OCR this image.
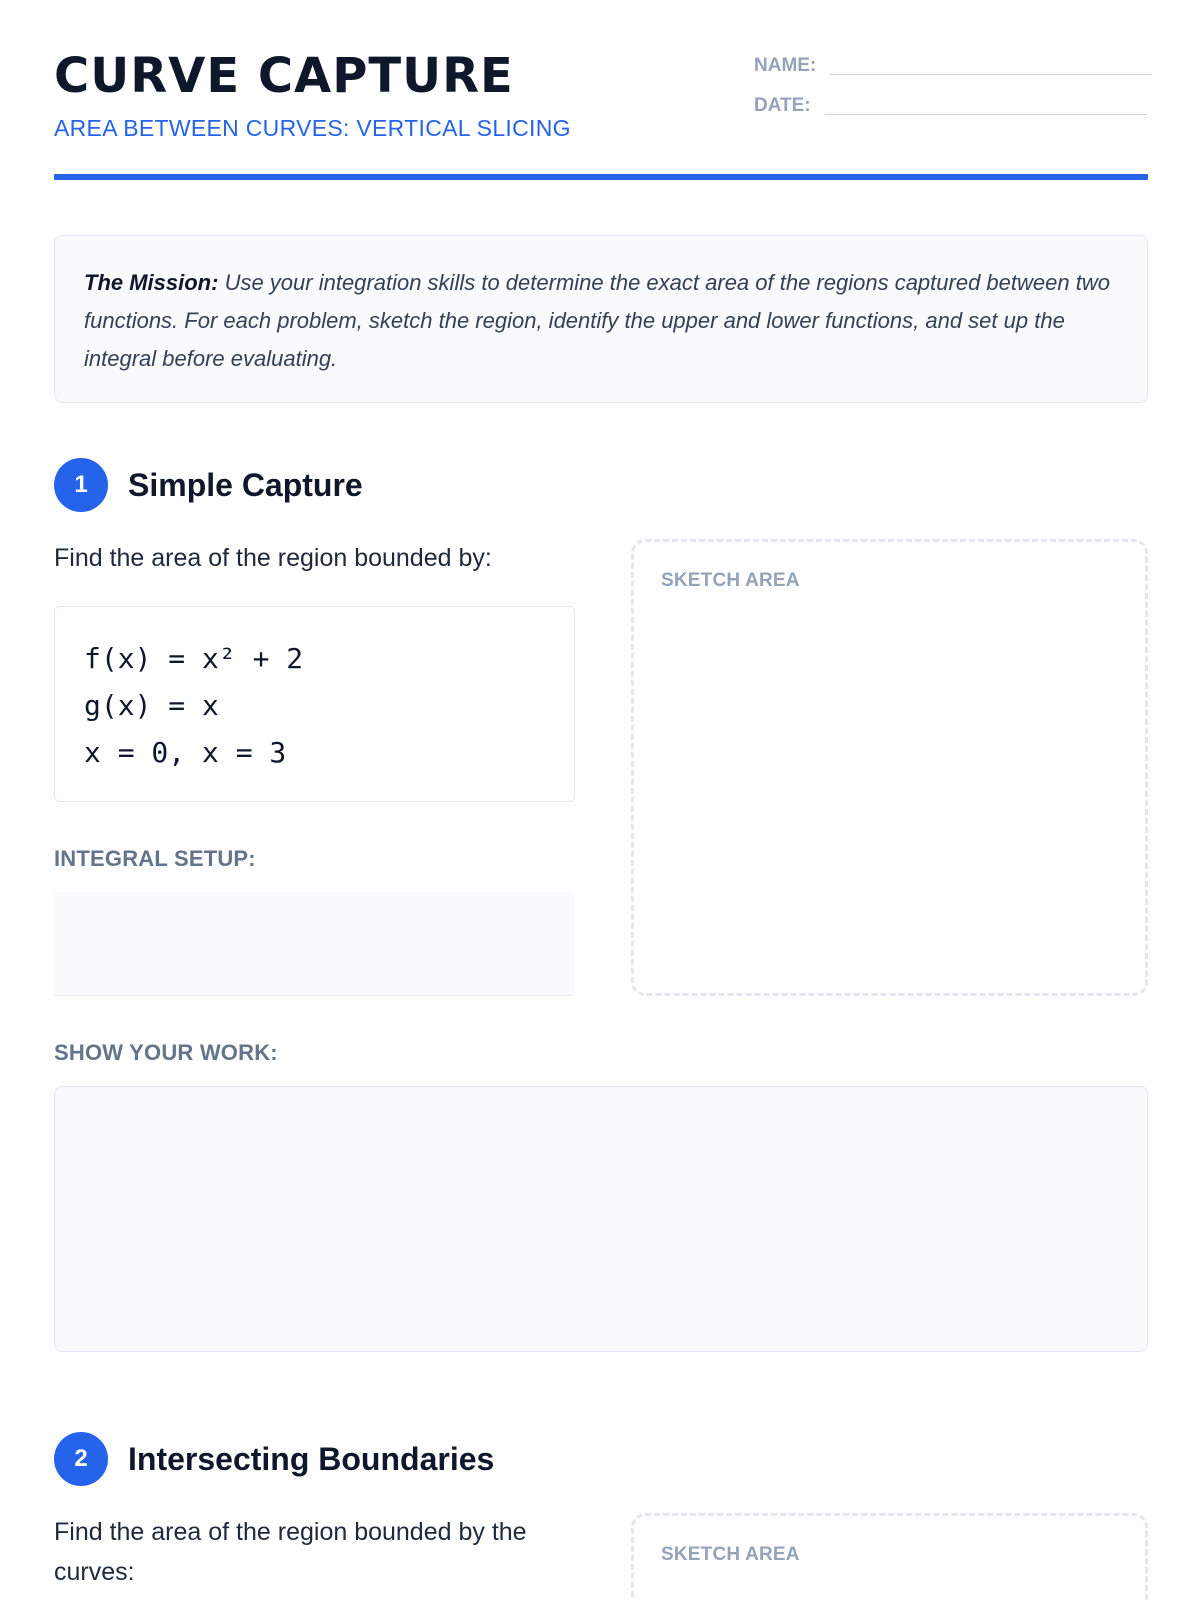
CURVE CAPTURE
AREA BETWEEN CURVES: VERTICAL SLICING
NAME:
DATE:
The Mission: Use your integration skills to determine the exact area of the regions captured between two functions. For each problem, sketch the region, identify the upper and lower functions, and set up the integral before evaluating.
1	Simple Capture
Find the area of the region bounded by:
f(x) = x² + 2
g(x) = x
x = 0, x = 3
INTEGRAL SETUP:
SKETCH AREA
SHOW YOUR WORK:
2	Intersecting Boundaries
Find the area of the region bounded by the curves:
SKETCH AREA
